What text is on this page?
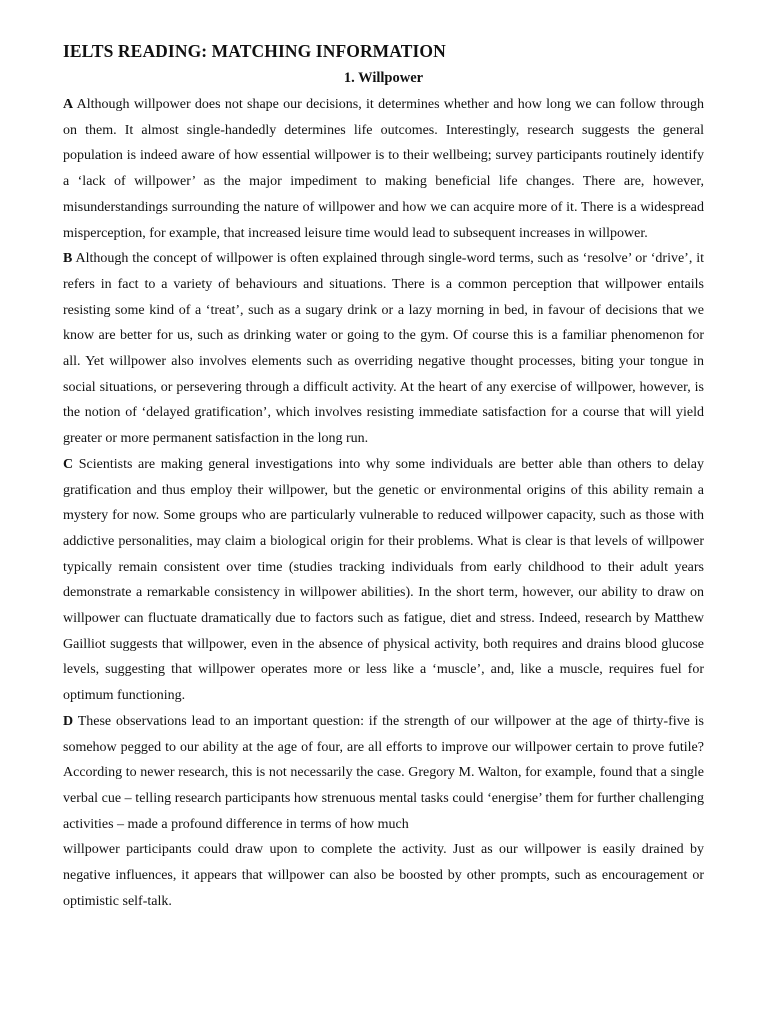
IELTS READING: MATCHING INFORMATION
1. Willpower

A Although willpower does not shape our decisions, it determines whether and how long we can follow through on them. It almost single-handedly determines life outcomes. Interestingly, research suggests the general population is indeed aware of how essential willpower is to their wellbeing; survey participants routinely identify a ‘lack of willpower’ as the major impediment to making beneficial life changes. There are, however, misunderstandings surrounding the nature of willpower and how we can acquire more of it. There is a widespread misperception, for example, that increased leisure time would lead to subsequent increases in willpower.

B Although the concept of willpower is often explained through single-word terms, such as ‘resolve’ or ‘drive’, it refers in fact to a variety of behaviours and situations. There is a common perception that willpower entails resisting some kind of a ‘treat’, such as a sugary drink or a lazy morning in bed, in favour of decisions that we know are better for us, such as drinking water or going to the gym. Of course this is a familiar phenomenon for all. Yet willpower also involves elements such as overriding negative thought processes, biting your tongue in social situations, or persevering through a difficult activity. At the heart of any exercise of willpower, however, is the notion of ‘delayed gratification’, which involves resisting immediate satisfaction for a course that will yield greater or more permanent satisfaction in the long run.

C Scientists are making general investigations into why some individuals are better able than others to delay gratification and thus employ their willpower, but the genetic or environmental origins of this ability remain a mystery for now. Some groups who are particularly vulnerable to reduced willpower capacity, such as those with addictive personalities, may claim a biological origin for their problems. What is clear is that levels of willpower typically remain consistent over time (studies tracking individuals from early childhood to their adult years demonstrate a remarkable consistency in willpower abilities). In the short term, however, our ability to draw on willpower can fluctuate dramatically due to factors such as fatigue, diet and stress. Indeed, research by Matthew Gailliot suggests that willpower, even in the absence of physical activity, both requires and drains blood glucose levels, suggesting that willpower operates more or less like a ‘muscle’, and, like a muscle, requires fuel for optimum functioning.

D These observations lead to an important question: if the strength of our willpower at the age of thirty-five is somehow pegged to our ability at the age of four, are all efforts to improve our willpower certain to prove futile? According to newer research, this is not necessarily the case. Gregory M. Walton, for example, found that a single verbal cue – telling research participants how strenuous mental tasks could ‘energise’ them for further challenging activities – made a profound difference in terms of how much

willpower participants could draw upon to complete the activity. Just as our willpower is easily drained by negative influences, it appears that willpower can also be boosted by other prompts, such as encouragement or optimistic self-talk.
